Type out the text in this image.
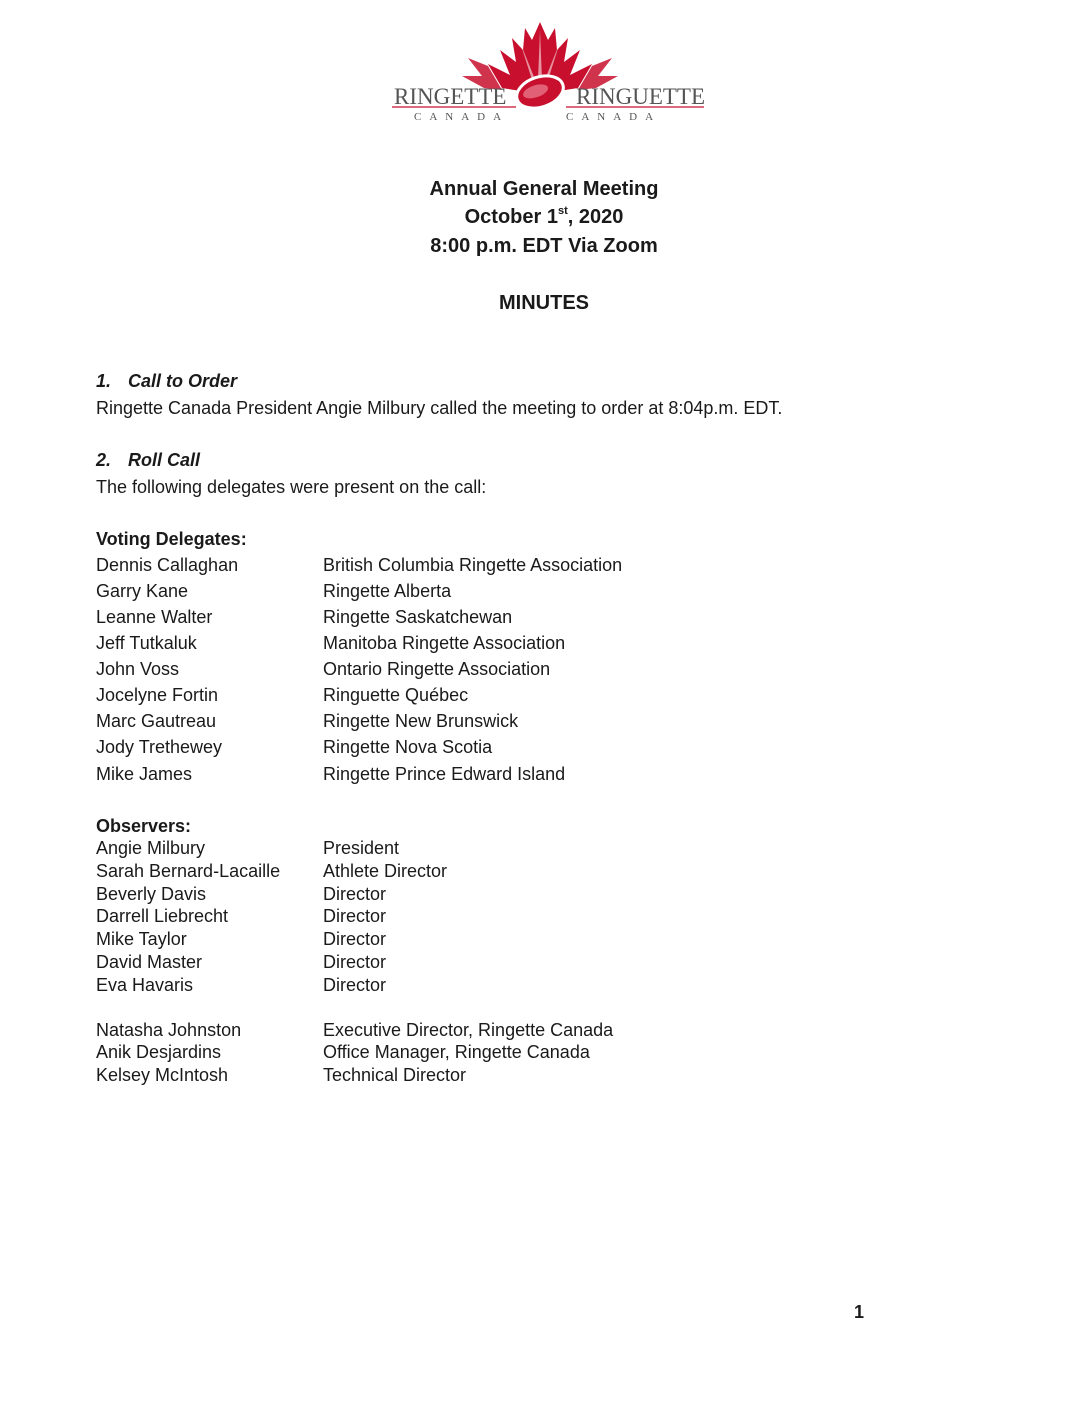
RINGETTE	RINGUETTE
CANADA	CANADA
Annual General Meeting
October 1st, 2020
8:00 p.m. EDT Via Zoom
MINUTES
1. Call to Order
Ringette Canada President Angie Milbury called the meeting to order at 8:04p.m. EDT.
2. Roll Call
The following delegates were present on the call:
Voting Delegates:
Dennis Callaghan	British Columbia Ringette Association
Garry Kane	Ringette Alberta
Leanne Walter	Ringette Saskatchewan
Jeff Tutkaluk	Manitoba Ringette Association
John Voss	Ontario Ringette Association
Jocelyne Fortin	Ringuette Québec
Marc Gautreau	Ringette New Brunswick
Jody Trethewey	Ringette Nova Scotia
Mike James	Ringette Prince Edward Island
Observers:
Angie Milbury	President
Sarah Bernard-Lacaille Athlete Director
Beverly Davis	Director
Darrell Liebrecht	Director
Mike Taylor	Director
David Master	Director
Eva Havaris	Director
Natasha Johnston	Executive Director, Ringette Canada
Anik Desjardins	Office Manager, Ringette Canada
Kelsey McIntosh	Technical Director
1
